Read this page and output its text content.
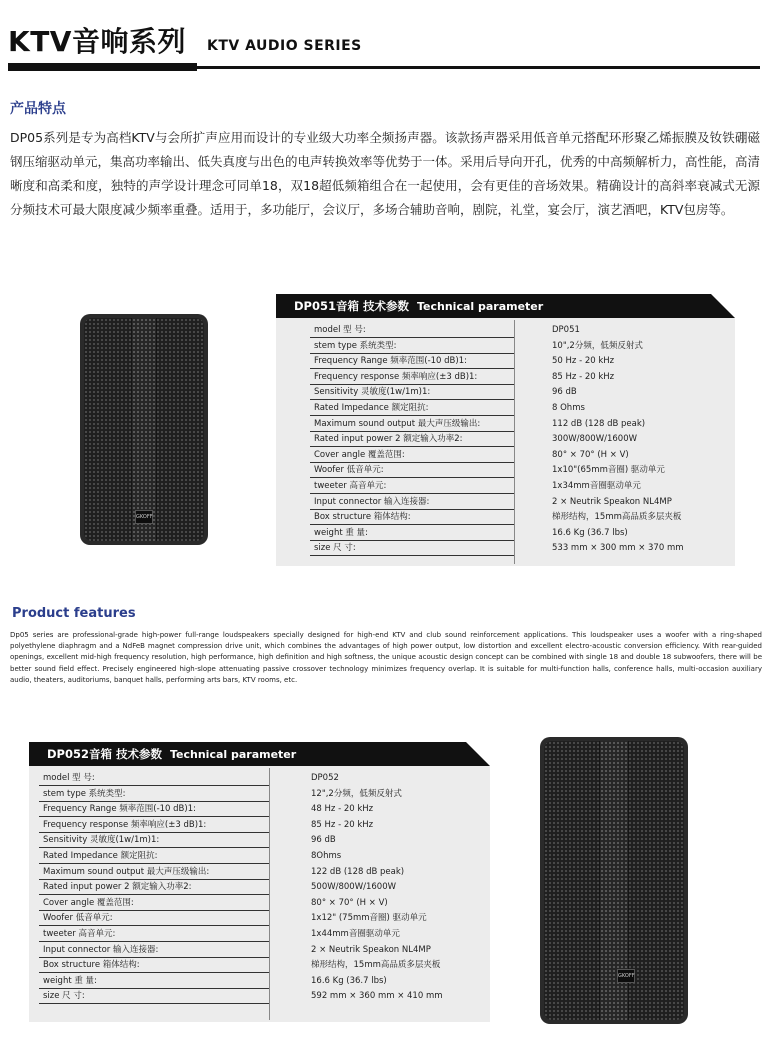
KTV音响系列 KTV AUDIO SERIES
产品特点
DP05系列是专为高档KTV与会所扩声应用而设计的专业级大功率全频扬声器。该款扬声器采用低音单元搭配环形聚乙烯振膜及钕铁硼磁钢压缩驱动单元，集高功率输出、低失真度与出色的电声转换效率等优势于一体。采用后导向开孔，优秀的中高频解析力，高性能，高清晰度和高柔和度，独特的声学设计理念可同单18，双18超低频箱组合在一起使用，会有更佳的音场效果。精确设计的高斜率衰减式无源分频技术可最大限度减少频率重叠。适用于，多功能厅，会议厅，多场合辅助音响，剧院，礼堂，宴会厅，演艺酒吧，KTV包房等。
GKOFF
DP051音箱 技术参数 Technical parameter
model 型 号:	DP051
stem type 系统类型:	10",2分频，低频反射式
Frequency Range 频率范围(-10 dB)1:	50 Hz - 20 kHz
Frequency response 频率响应(±3 dB)1:	85 Hz - 20 kHz
Sensitivity 灵敏度(1w/1m)1:	96 dB
Rated Impedance 额定阻抗:	8 Ohms
Maximum sound output 最大声压级输出:	112 dB (128 dB peak)
Rated input power 2 额定输入功率2:	300W/800W/1600W
Cover angle 覆盖范围:	80° × 70° (H × V)
Woofer 低音单元:	1x10"(65mm音圈) 驱动单元
tweeter 高音单元:	1x34mm音圈驱动单元
Input connector 输入连接器:	2 × Neutrik Speakon NL4MP
Box structure 箱体结构:	梯形结构，15mm高品质多层夹板
weight 重 量:	16.6 Kg (36.7 lbs)
size 尺 寸:	533 mm × 300 mm × 370 mm
Product features
Dp05 series are professional-grade high-power full-range loudspeakers specially designed for high-end KTV and club sound reinforcement applications. This loudspeaker uses a woofer with a ring-shaped polyethylene diaphragm and a NdFeB magnet compression drive unit, which combines the advantages of high power output, low distortion and excellent electro-acoustic conversion efficiency. With rear-guided openings, excellent mid-high frequency resolution, high performance, high definition and high softness, the unique acoustic design concept can be combined with single 18 and double 18 subwoofers, there will be better sound field effect. Precisely engineered high-slope attenuating passive crossover technology minimizes frequency overlap. It is suitable for multi-function halls, conference halls, multi-occasion auxiliary audio, theaters, auditoriums, banquet halls, performing arts bars, KTV rooms, etc.
DP052音箱 技术参数 Technical parameter
model 型 号:	DP052
stem type 系统类型:	12",2分频，低频反射式
Frequency Range 频率范围(-10 dB)1:	48 Hz - 20 kHz
Frequency response 频率响应(±3 dB)1:	85 Hz - 20 kHz
Sensitivity 灵敏度(1w/1m)1:	96 dB
Rated Impedance 额定阻抗:	8Ohms
Maximum sound output 最大声压级输出:	122 dB (128 dB peak)
Rated input power 2 额定输入功率2:	500W/800W/1600W
Cover angle 覆盖范围:	80° × 70° (H × V)
Woofer 低音单元:	1x12" (75mm音圈) 驱动单元
tweeter 高音单元:	1x44mm音圈驱动单元
Input connector 输入连接器:	2 × Neutrik Speakon NL4MP
Box structure 箱体结构:	梯形结构，15mm高品质多层夹板
weight 重 量:	16.6 Kg (36.7 lbs)
size 尺 寸:	592 mm × 360 mm × 410 mm
GKOFF
